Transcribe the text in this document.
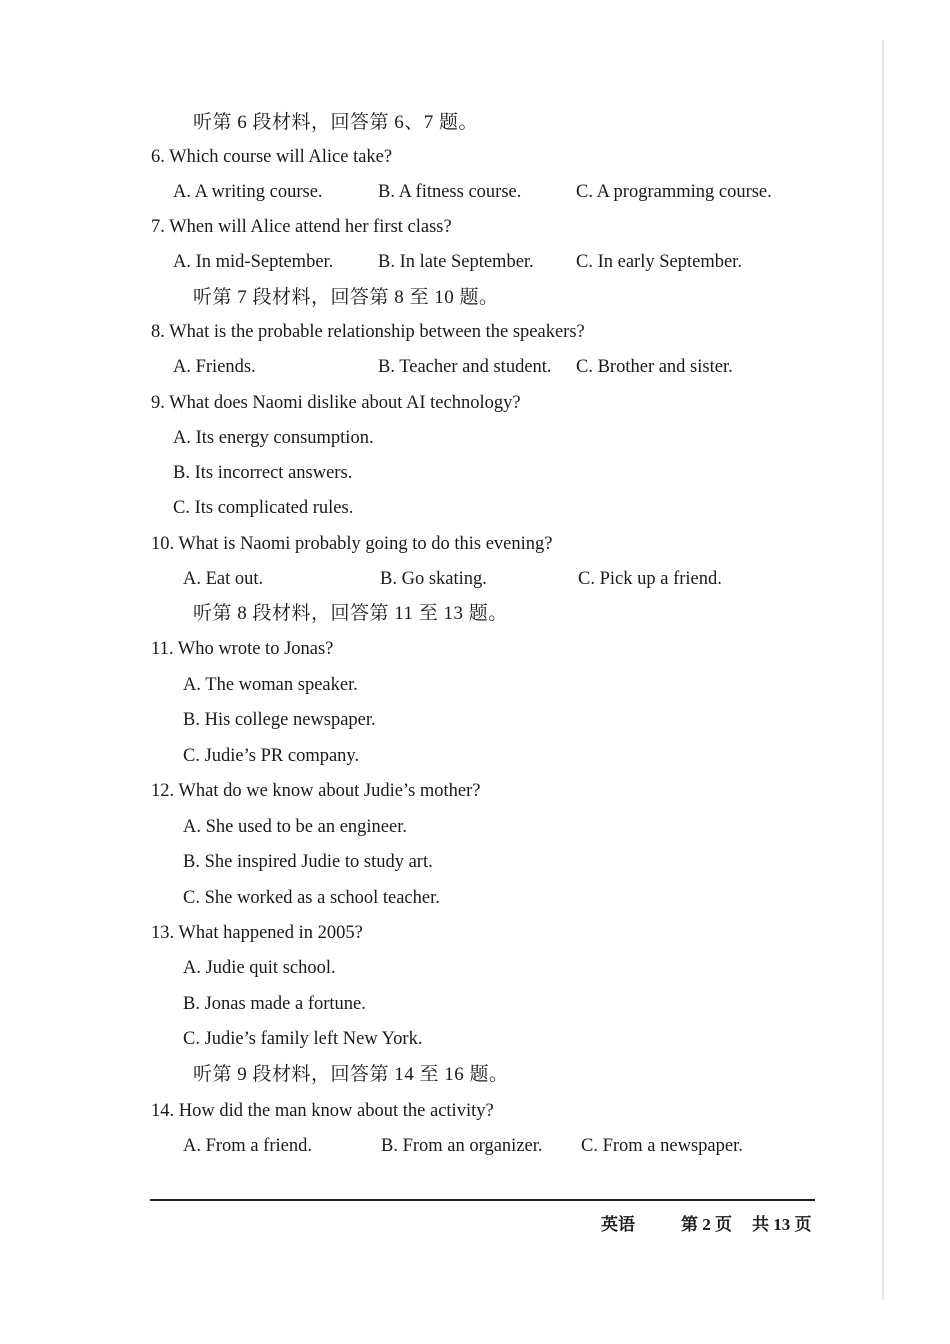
听第 6 段材料，回答第 6、7 题。
6. Which course will Alice take?
A. A writing course.	B. A fitness course.	C. A programming course.
7. When will Alice attend her first class?
A. In mid-September. B. In late September. C. In early September.
听第 7 段材料，回答第 8 至 10 题。
8. What is the probable relationship between the speakers?
A. Friends.	B. Teacher and student. C. Brother and sister.
9. What does Naomi dislike about AI technology?
A. Its energy consumption.
B. Its incorrect answers.
C. Its complicated rules.
10. What is Naomi probably going to do this evening?
A. Eat out.	B. Go skating.	C. Pick up a friend.
听第 8 段材料，回答第 11 至 13 题。
11. Who wrote to Jonas?
A. The woman speaker.
B. His college newspaper.
C. Judie’s PR company.
12. What do we know about Judie’s mother?
A. She used to be an engineer.
B. She inspired Judie to study art.
C. She worked as a school teacher.
13. What happened in 2005?
A. Judie quit school.
B. Jonas made a fortune.
C. Judie’s family left New York.
听第 9 段材料，回答第 14 至 16 题。
14. How did the man know about the activity?
A. From a friend.	B. From an organizer. C. From a newspaper.
英语	第 2 页 共 13 页
